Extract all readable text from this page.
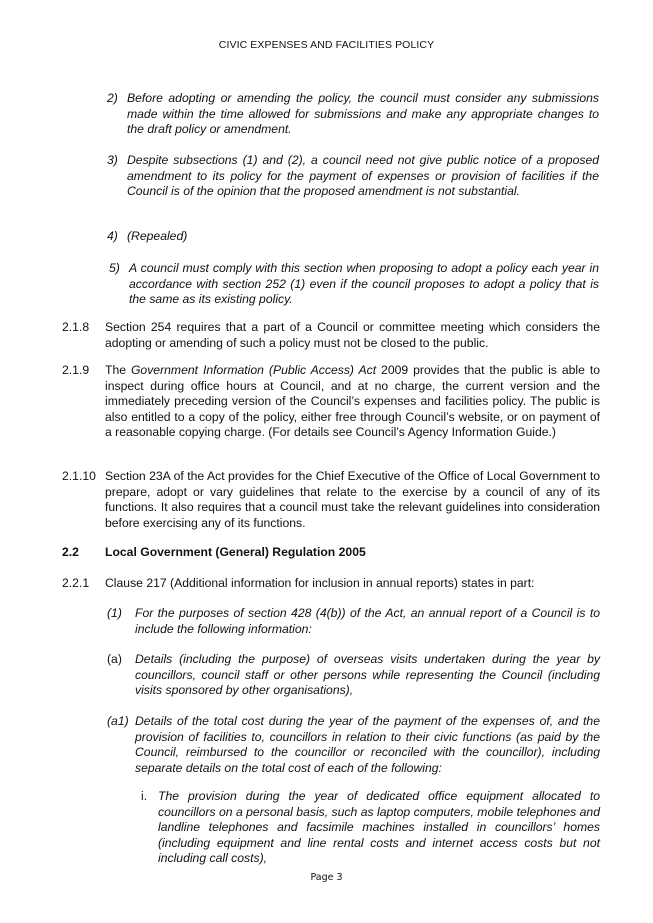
CIVIC EXPENSES AND FACILITIES POLICY
2) Before adopting or amending the policy, the council must consider any submissions made within the time allowed for submissions and make any appropriate changes to the draft policy or amendment.

3) Despite subsections (1) and (2), a council need not give public notice of a proposed amendment to its policy for the payment of expenses or provision of facilities if the Council is of the opinion that the proposed amendment is not substantial.

4) (Repealed)

5) A council must comply with this section when proposing to adopt a policy each year in accordance with section 252 (1) even if the council proposes to adopt a policy that is the same as its existing policy.

2.1.8 Section 254 requires that a part of a Council or committee meeting which considers the adopting or amending of such a policy must not be closed to the public.

2.1.9 The Government Information (Public Access) Act 2009 provides that the public is able to inspect during office hours at Council, and at no charge, the current version and the immediately preceding version of the Council’s expenses and facilities policy. The public is also entitled to a copy of the policy, either free through Council’s website, or on payment of a reasonable copying charge. (For details see Council’s Agency Information Guide.)

2.1.10 Section 23A of the Act provides for the Chief Executive of the Office of Local Government to prepare, adopt or vary guidelines that relate to the exercise by a council of any of its functions. It also requires that a council must take the relevant guidelines into consideration before exercising any of its functions.

2.2 Local Government (General) Regulation 2005
2.2.1 Clause 217 (Additional information for inclusion in annual reports) states in part:

(1) For the purposes of section 428 (4(b)) of the Act, an annual report of a Council is to include the following information:

(a) Details (including the purpose) of overseas visits undertaken during the year by councillors, council staff or other persons while representing the Council (including visits sponsored by other organisations),

(a1) Details of the total cost during the year of the payment of the expenses of, and the provision of facilities to, councillors in relation to their civic functions (as paid by the Council, reimbursed to the councillor or reconciled with the councillor), including separate details on the total cost of each of the following:

i. The provision during the year of dedicated office equipment allocated to councillors on a personal basis, such as laptop computers, mobile telephones and landline telephones and facsimile machines installed in councillors’ homes (including equipment and line rental costs and internet access costs but not including call costs),

Page 3
